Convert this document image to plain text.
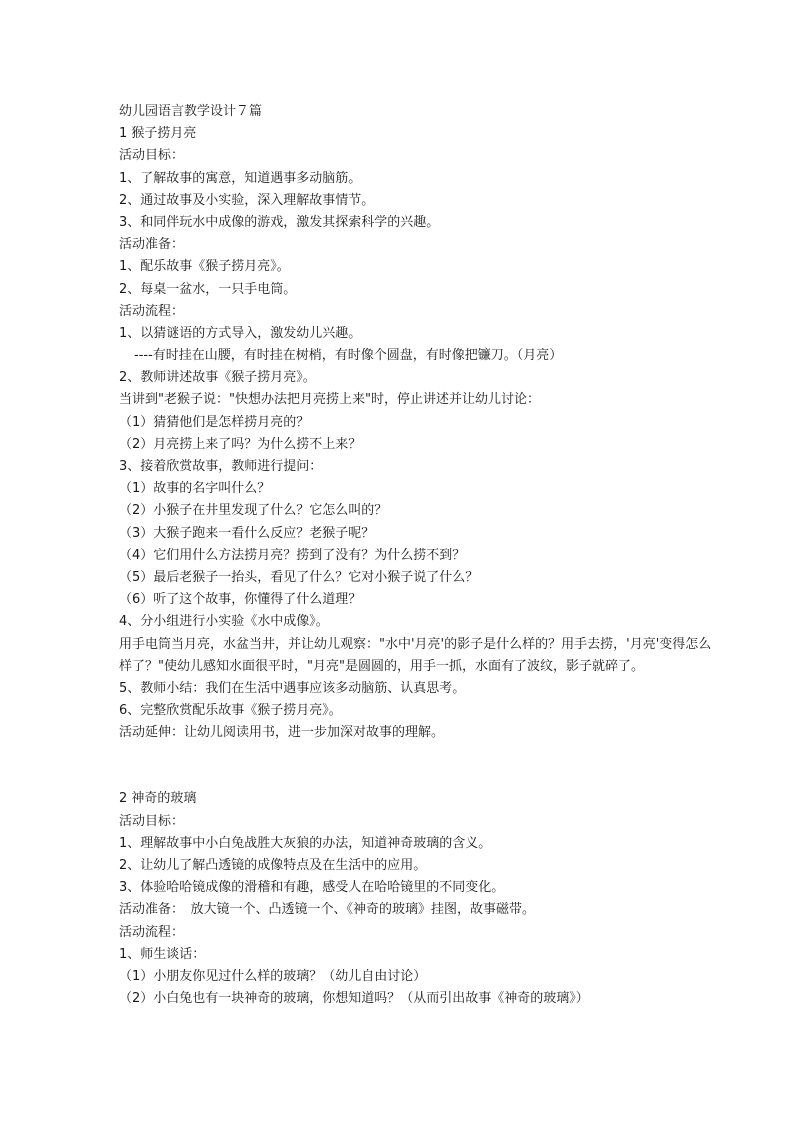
幼儿园语言教学设计７篇
1 猴子捞月亮
活动目标：
1、了解故事的寓意，知道遇事多动脑筋。
2、通过故事及小实验，深入理解故事情节。
3、和同伴玩水中成像的游戏，激发其探索科学的兴趣。
活动准备：
1、配乐故事《猴子捞月亮》。
2、每桌一盆水，一只手电筒。
活动流程：
1、以猜谜语的方式导入，激发幼儿兴趣。
----有时挂在山腰，有时挂在树梢，有时像个圆盘，有时像把镰刀。（月亮）
2、教师讲述故事《猴子捞月亮》。
当讲到"老猴子说："快想办法把月亮捞上来"时，停止讲述并让幼儿讨论：
（1）猜猜他们是怎样捞月亮的？
（2）月亮捞上来了吗？为什么捞不上来？
3、接着欣赏故事，教师进行提问：
（1）故事的名字叫什么？
（2）小猴子在井里发现了什么？它怎么叫的？
（3）大猴子跑来一看什么反应？老猴子呢？
（4）它们用什么方法捞月亮？捞到了没有？为什么捞不到？
（5）最后老猴子一抬头，看见了什么？它对小猴子说了什么？
（6）听了这个故事，你懂得了什么道理？
4、分小组进行小实验《水中成像》。
用手电筒当月亮，水盆当井，并让幼儿观察："水中'月亮'的影子是什么样的？用手去捞，'月亮'变得怎么样了？"使幼儿感知水面很平时，"月亮"是圆圆的，用手一抓，水面有了波纹，影子就碎了。
5、教师小结：我们在生活中遇事应该多动脑筋、认真思考。
6、完整欣赏配乐故事《猴子捞月亮》。
活动延伸：让幼儿阅读用书，进一步加深对故事的理解。
2 神奇的玻璃
活动目标：
1、理解故事中小白兔战胜大灰狼的办法，知道神奇玻璃的含义。
2、让幼儿了解凸透镜的成像特点及在生活中的应用。
3、体验哈哈镜成像的滑稽和有趣，感受人在哈哈镜里的不同变化。
活动准备：　放大镜一个、凸透镜一个、《神奇的玻璃》挂图，故事磁带。
活动流程：
1、师生谈话：
（1）小朋友你见过什么样的玻璃？（幼儿自由讨论）
（2）小白兔也有一块神奇的玻璃，你想知道吗？（从而引出故事《神奇的玻璃》）
